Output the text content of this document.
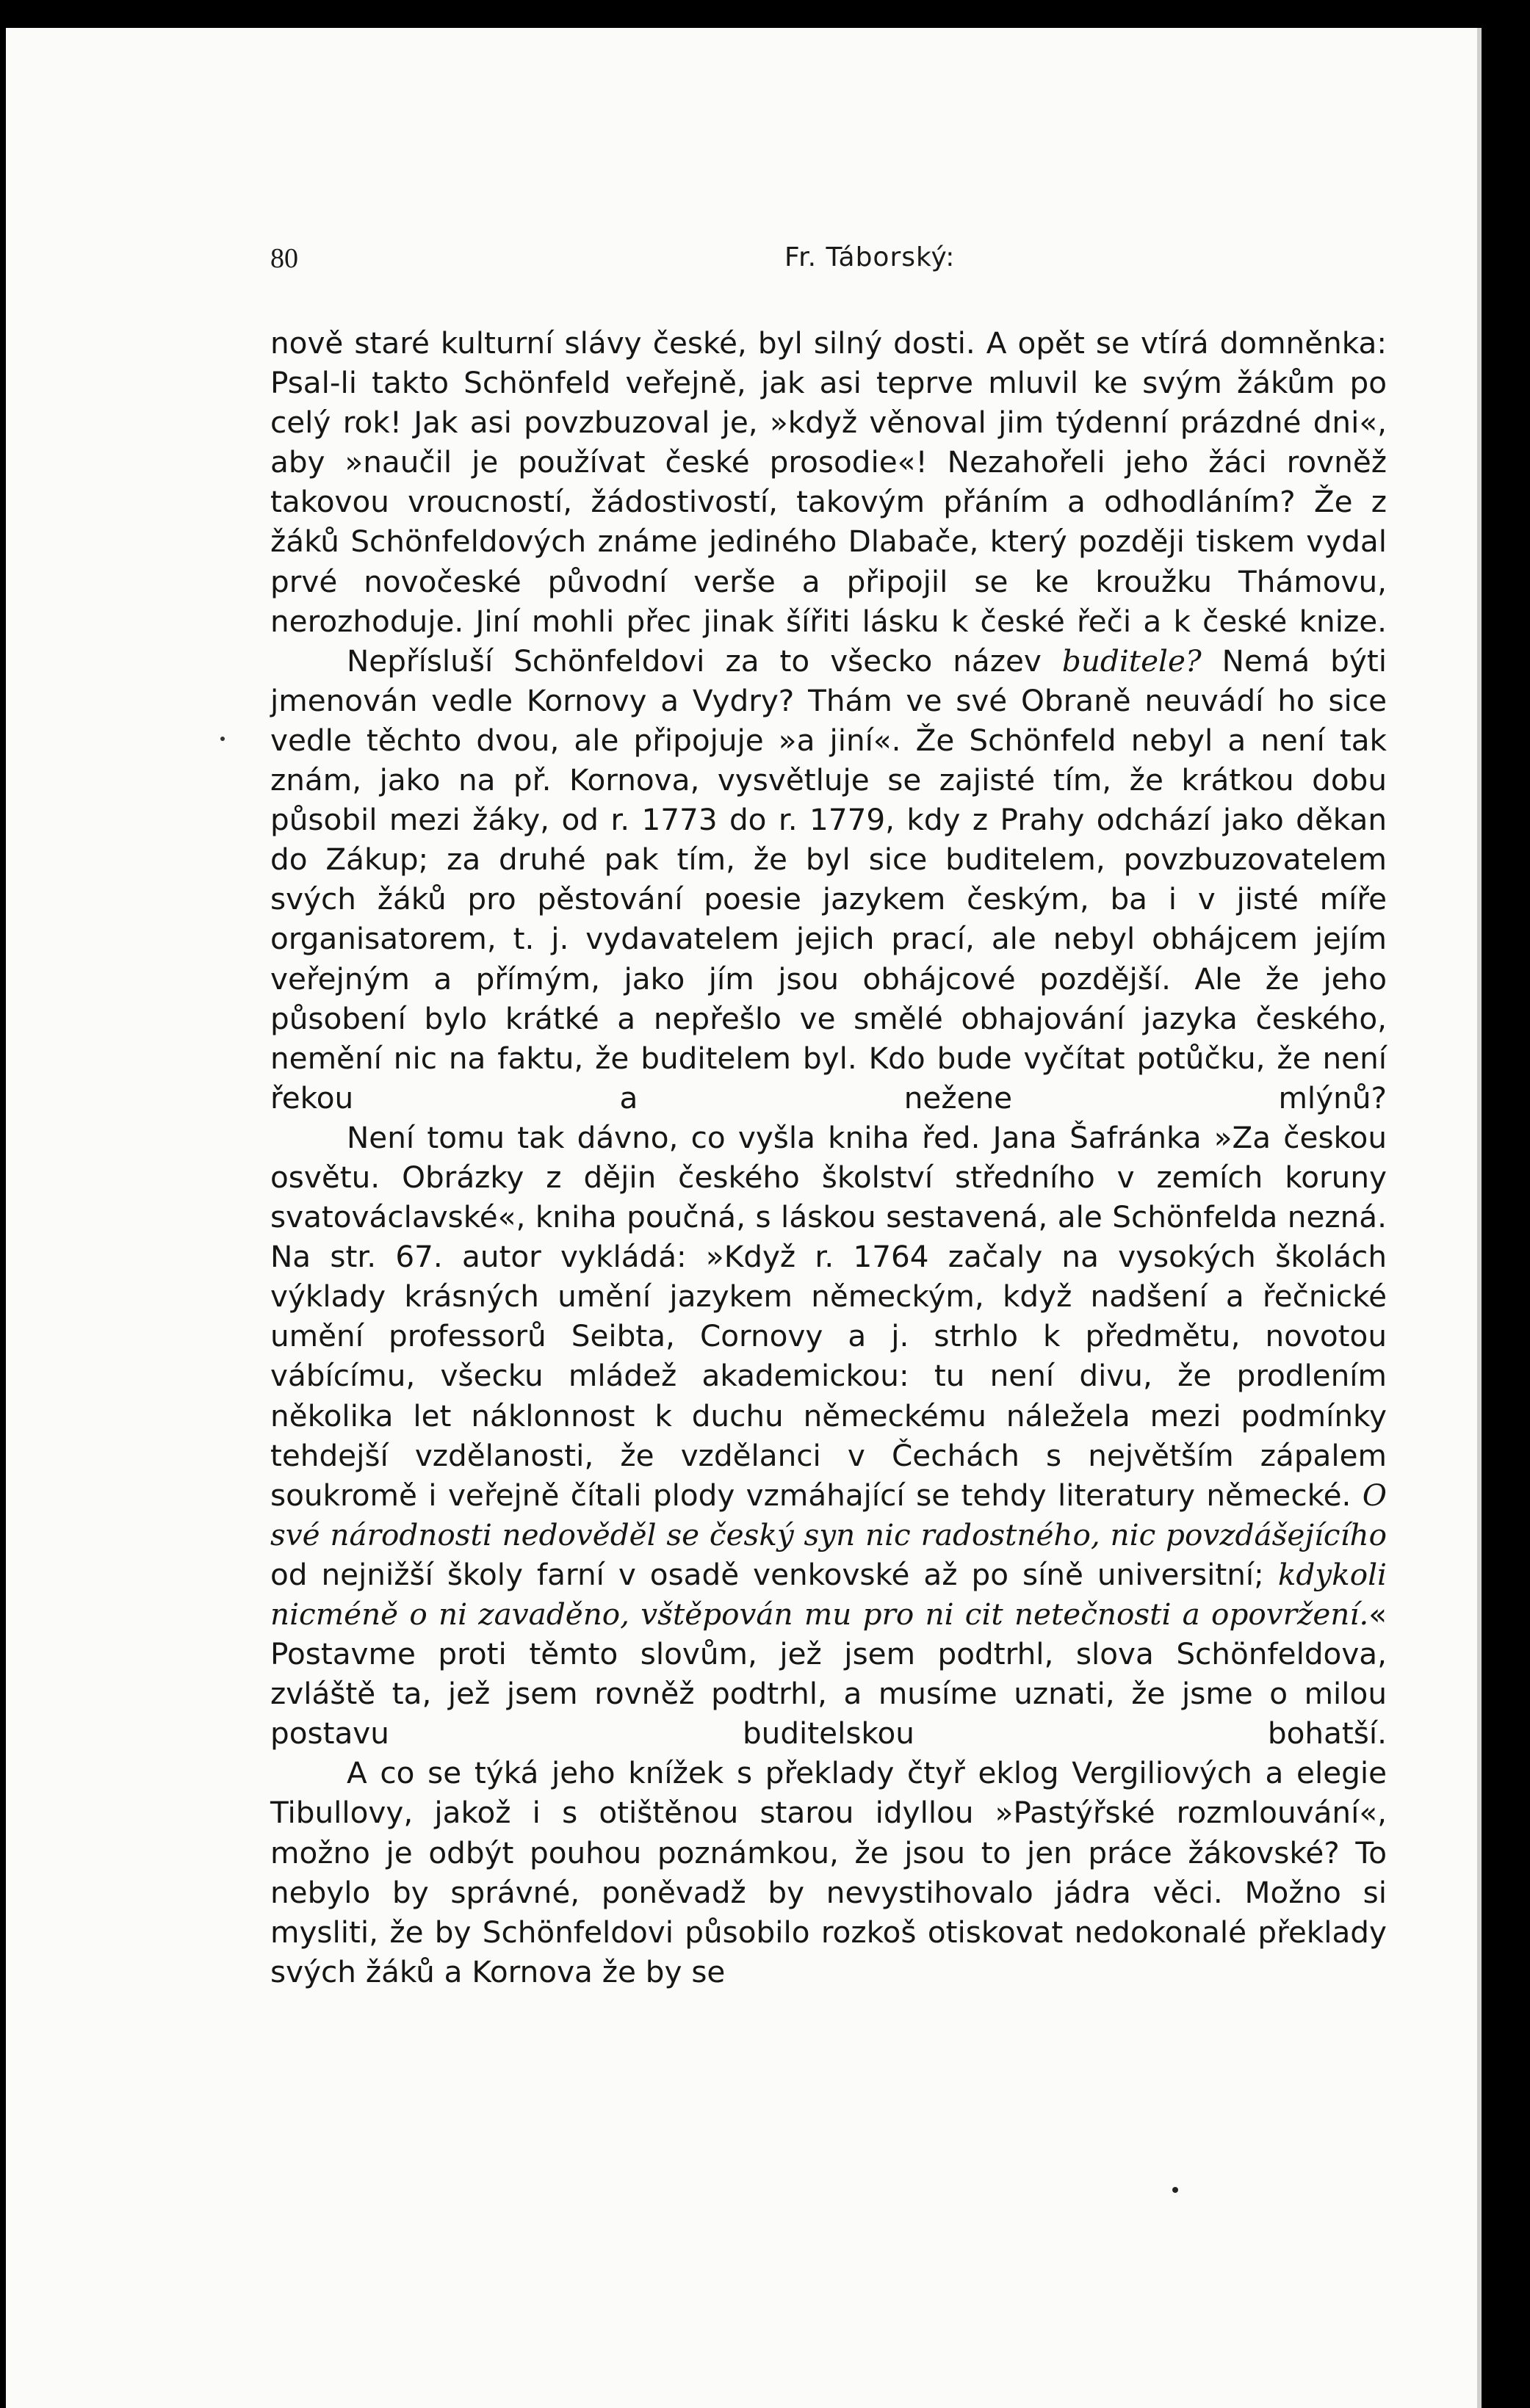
80	Fr. Táborský:

nově staré kulturní slávy české, byl silný dosti. A opět se vtírá domněnka: Psal-li takto Schönfeld veřejně, jak asi teprve mluvil ke svým žákům po celý rok! Jak asi povzbuzoval je, »když věnoval jim týdenní prázdné dni«, aby »naučil je používat české prosodie«! Nezahořeli jeho žáci rovněž takovou vroucností, žádostivostí, takovým přáním a odhodláním? Že z žáků Schönfeldových známe jediného Dlabače, který později tiskem vydal prvé novočeské původní verše a připojil se ke kroužku Thámovu, nerozhoduje. Jiní mohli přec jinak šířiti lásku k české řeči a k české knize.

Nepřísluší Schönfeldovi za to všecko název buditele? Nemá býti jmenován vedle Kornovy a Vydry? Thám ve své Obraně neuvádí ho sice vedle těchto dvou, ale připojuje »a jiní«. Že Schönfeld nebyl a není tak znám, jako na př. Kornova, vysvětluje se zajisté tím, že krátkou dobu působil mezi žáky, od r. 1773 do r. 1779, kdy z Prahy odchází jako děkan do Zákup; za druhé pak tím, že byl sice buditelem, povzbuzovatelem svých žáků pro pěstování poesie jazykem českým, ba i v jisté míře organisatorem, t. j. vydavatelem jejich prací, ale nebyl obhájcem jejím veřejným a přímým, jako jím jsou obhájcové pozdější. Ale že jeho působení bylo krátké a nepřešlo ve smělé obhajování jazyka českého, nemění nic na faktu, že buditelem byl. Kdo bude vyčítat potůčku, že není řekou a nežene mlýnů?

Není tomu tak dávno, co vyšla kniha řed. Jana Šafránka »Za českou osvětu. Obrázky z dějin českého školství středního v zemích koruny svatováclavské«, kniha poučná, s láskou sestavená, ale Schönfelda nezná. Na str. 67. autor vykládá: »Když r. 1764 začaly na vysokých školách výklady krásných umění jazykem německým, když nadšení a řečnické umění professorů Seibta, Cornovy a j. strhlo k předmětu, novotou vábícímu, všecku mládež akademickou: tu není divu, že prodlením několika let náklonnost k duchu německému náležela mezi podmínky tehdejší vzdělanosti, že vzdělanci v Čechách s největším zápalem soukromě i veřejně čítali plody vzmáhající se tehdy literatury německé. O své národnosti nedověděl se český syn nic radostného, nic povzdášejícího od nejnižší školy farní v osadě venkovské až po síně universitní; kdykoli nicméně o ni zavaděno, vštěpován mu pro ni cit netečnosti a opovržení.« Postavme proti těmto slovům, jež jsem podtrhl, slova Schönfeldova, zvláště ta, jež jsem rovněž podtrhl, a musíme uznati, že jsme o milou postavu buditelskou bohatší.

A co se týká jeho knížek s překlady čtyř eklog Vergiliových a elegie Tibullovy, jakož i s otištěnou starou idyllou »Pastýřské rozmlouvání«, možno je odbýt pouhou poznámkou, že jsou to jen práce žákovské? To nebylo by správné, poněvadž by nevystihovalo jádra věci. Možno si mysliti, že by Schönfeldovi působilo rozkoš otiskovat nedokonalé překlady svých žáků a Kornova že by se
